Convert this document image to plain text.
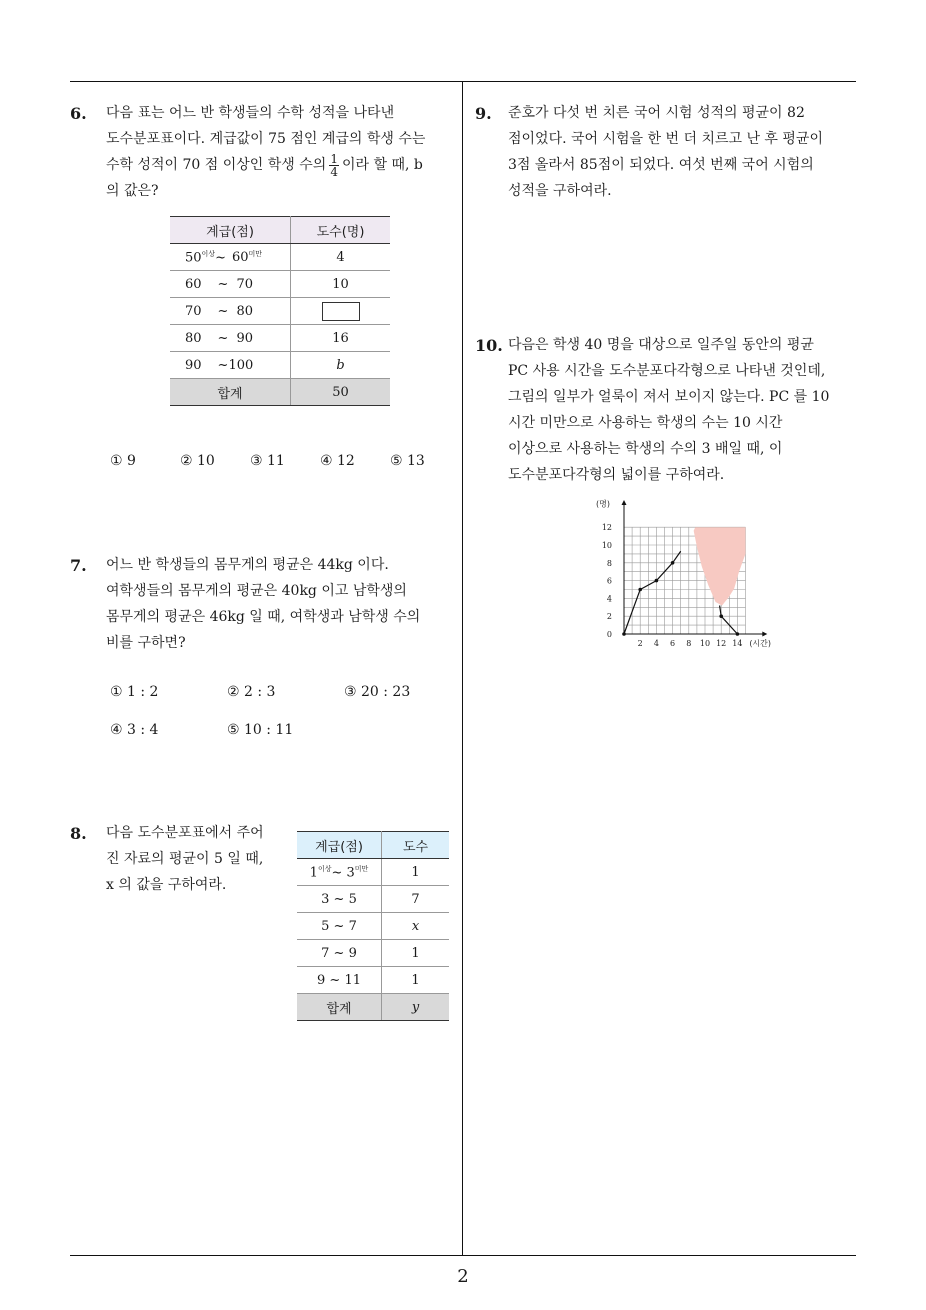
2
6. 다음 표는 어느 반 학생들의 수학 성적을 나타낸
도수분포표이다. 계급값이 75 점인 계급의 학생 수는
수학 성적이 70 점 이상인 학생 수의 $\frac{1}{4}$ 이라 할 때, b
의 값은?
계급(점)	도수(명)
$50^{이상}\sim$ $60^{미만}$	4
60 ~ 70	10
70 ~ 80	
80 ~ 90	16
90 ~100	b
합계	50
① 9	② 10	③ 11	④ 12	⑤ 13
7. 어느 반 학생들의 몸무게의 평균은 44kg 이다.
여학생들의 몸무게의 평균은 40kg 이고 남학생의
몸무게의 평균은 46kg 일 때, 여학생과 남학생 수의
비를 구하면?
① 1 : 2	② 2 : 3	③ 20 : 23
④ 3 : 4	⑤ 10 : 11
8. 다음 도수분포표에서 주어
진 자료의 평균이 5 일 때,
x 의 값을 구하여라.
계급(점)	도수
$1^{이상}\sim$ $3^{미만}$	1
3 ~ 5	7
5 ~ 7	x
7 ~ 9	1
9 ~ 11	1
합계	y
9. 준호가 다섯 번 치른 국어 시험 성적의 평균이 82
점이었다. 국어 시험을 한 번 더 치르고 난 후 평균이
3점 올라서 85점이 되었다. 여섯 번째 국어 시험의
성적을 구하여라.
10. 다음은 학생 40 명을 대상으로 일주일 동안의 평균
PC 사용 시간을 도수분포다각형으로 나타낸 것인데,
그림의 일부가 얼룩이 져서 보이지 않는다. PC 를 10
시간 미만으로 사용하는 학생의 수는 10 시간
이상으로 사용하는 학생의 수의 3 배일 때, 이
도수분포다각형의 넓이를 구하여라.
0
2
4
6
8
10
12
2 4 6 8 10 12 14
(명)
(시간)
